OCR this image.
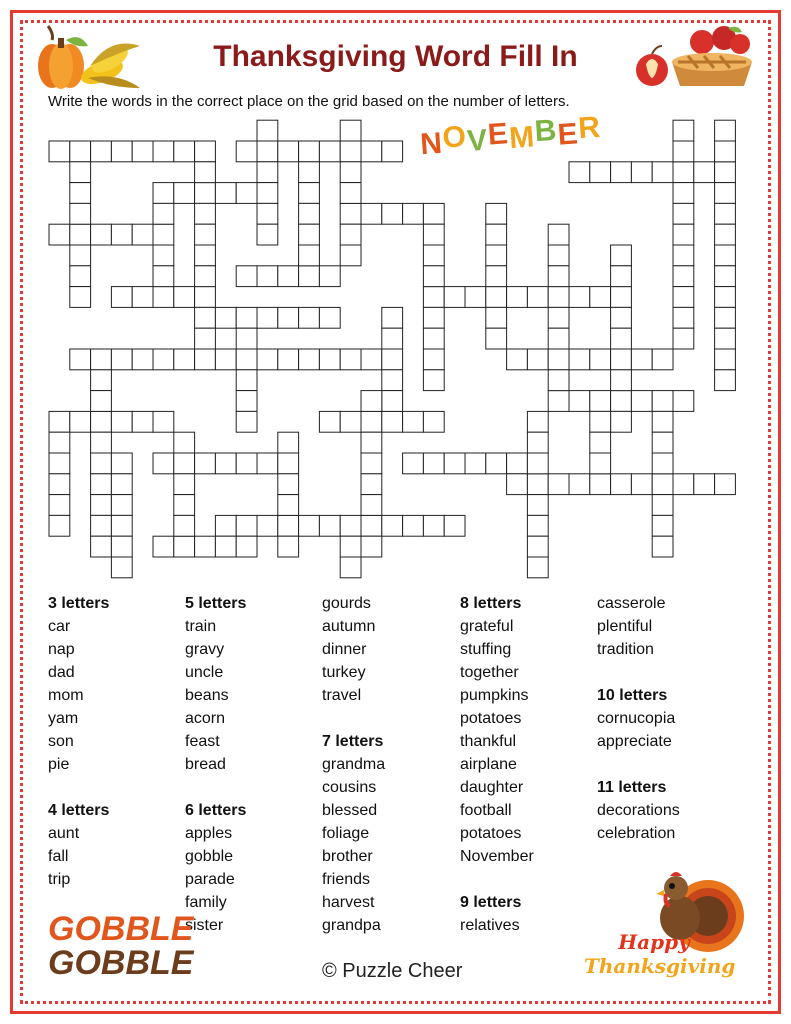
Thanksgiving Word Fill In
Write the words in the correct place on the grid based on the number of letters.
NOVEMBER
3 letters
car
nap
dad
mom
yam
son
pie
4 letters
aunt
fall
trip
5 letters
train
gravy
uncle
beans
acorn
feast
bread
6 letters
apples
gobble
parade
family
sister
gourds
autumn
dinner
turkey
travel
7 letters
grandma
cousins
blessed
foliage
brother
friends
harvest
grandpa
8 letters
grateful
stuffing
together
pumpkins
potatoes
thankful
airplane
daughter
football
potatoes
November
9 letters
relatives
casserole
plentiful
tradition
10 letters
cornucopia
appreciate
11 letters
decorations
celebration
GOBBLE
GOBBLE
Happy
Thanksgiving
© Puzzle Cheer
